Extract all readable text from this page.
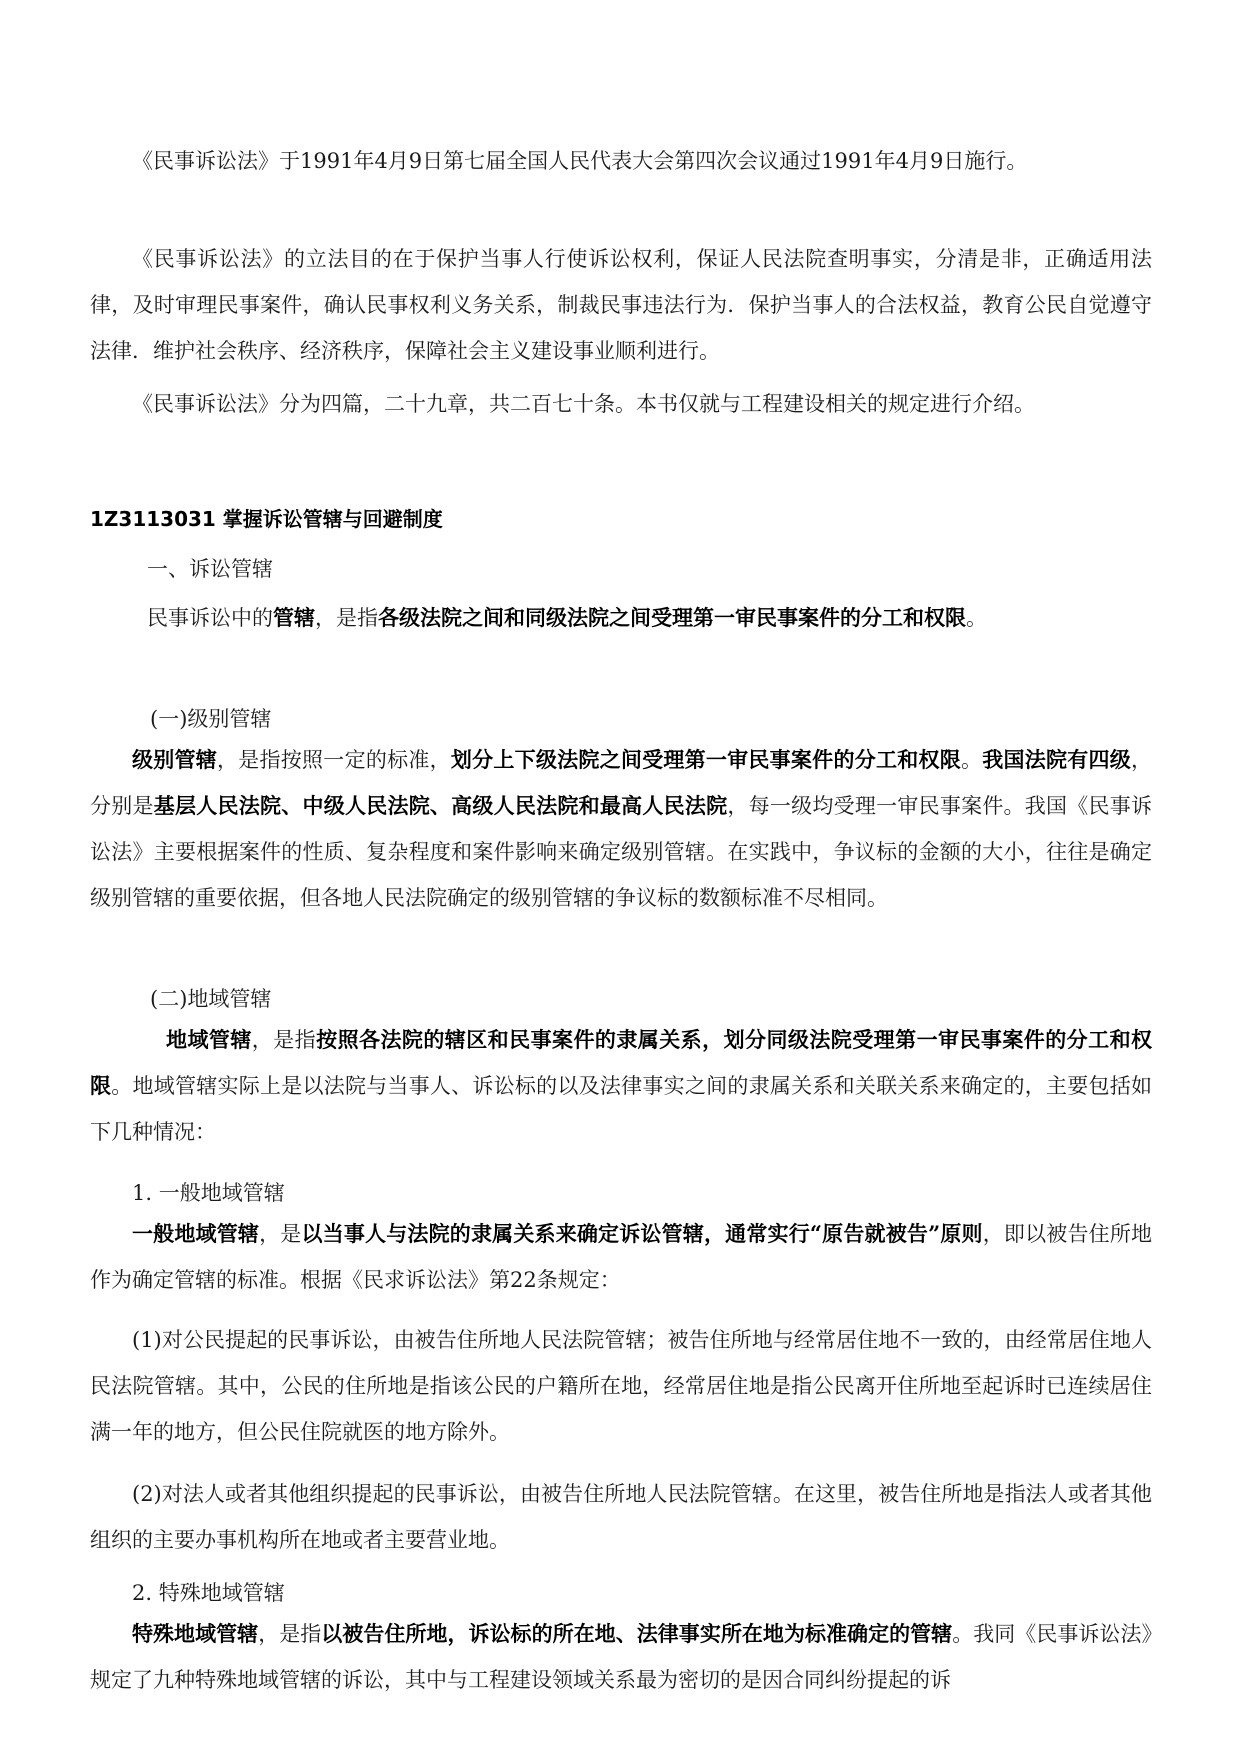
《民事诉讼法》于1991年4月9日第七届全国人民代表大会第四次会议通过1991年4月9日施行。
《民事诉讼法》的立法目的在于保护当事人行使诉讼权利，保证人民法院查明事实，分清是非，正确适用法律，及时审理民事案件，确认民事权利义务关系，制裁民事违法行为．保护当事人的合法权益，教育公民自觉遵守法律．维护社会秩序、经济秩序，保障社会主义建设事业顺利进行。
《民事诉讼法》分为四篇，二十九章，共二百七十条。本书仅就与工程建设相关的规定进行介绍。
1Z3113031 掌握诉讼管辖与回避制度
一、诉讼管辖
民事诉讼中的管辖，是指各级法院之间和同级法院之间受理第一审民事案件的分工和权限。
(一)级别管辖
级别管辖，是指按照一定的标准，划分上下级法院之间受理第一审民事案件的分工和权限。我国法院有四级，分别是基层人民法院、中级人民法院、高级人民法院和最高人民法院，每一级均受理一审民事案件。我国《民事诉讼法》主要根据案件的性质、复杂程度和案件影响来确定级别管辖。在实践中，争议标的金额的大小，往往是确定级别管辖的重要依据，但各地人民法院确定的级别管辖的争议标的数额标准不尽相同。
(二)地域管辖
地域管辖，是指按照各法院的辖区和民事案件的隶属关系，划分同级法院受理第一审民事案件的分工和权限。地域管辖实际上是以法院与当事人、诉讼标的以及法律事实之间的隶属关系和关联关系来确定的，主要包括如下几种情况：
1. 一般地域管辖
一般地域管辖，是以当事人与法院的隶属关系来确定诉讼管辖，通常实行“原告就被告”原则，即以被告住所地作为确定管辖的标准。根据《民求诉讼法》第22条规定：
(1)对公民提起的民事诉讼，由被告住所地人民法院管辖；被告住所地与经常居住地不一致的，由经常居住地人民法院管辖。其中，公民的住所地是指该公民的户籍所在地，经常居住地是指公民离开住所地至起诉时已连续居住满一年的地方，但公民住院就医的地方除外。
(2)对法人或者其他组织提起的民事诉讼，由被告住所地人民法院管辖。在这里，被告住所地是指法人或者其他组织的主要办事机构所在地或者主要营业地。
2. 特殊地域管辖
特殊地域管辖，是指以被告住所地，诉讼标的所在地、法律事实所在地为标准确定的管辖。我同《民事诉讼法》规定了九种特殊地域管辖的诉讼，其中与工程建设领域关系最为密切的是因合同纠纷提起的诉
